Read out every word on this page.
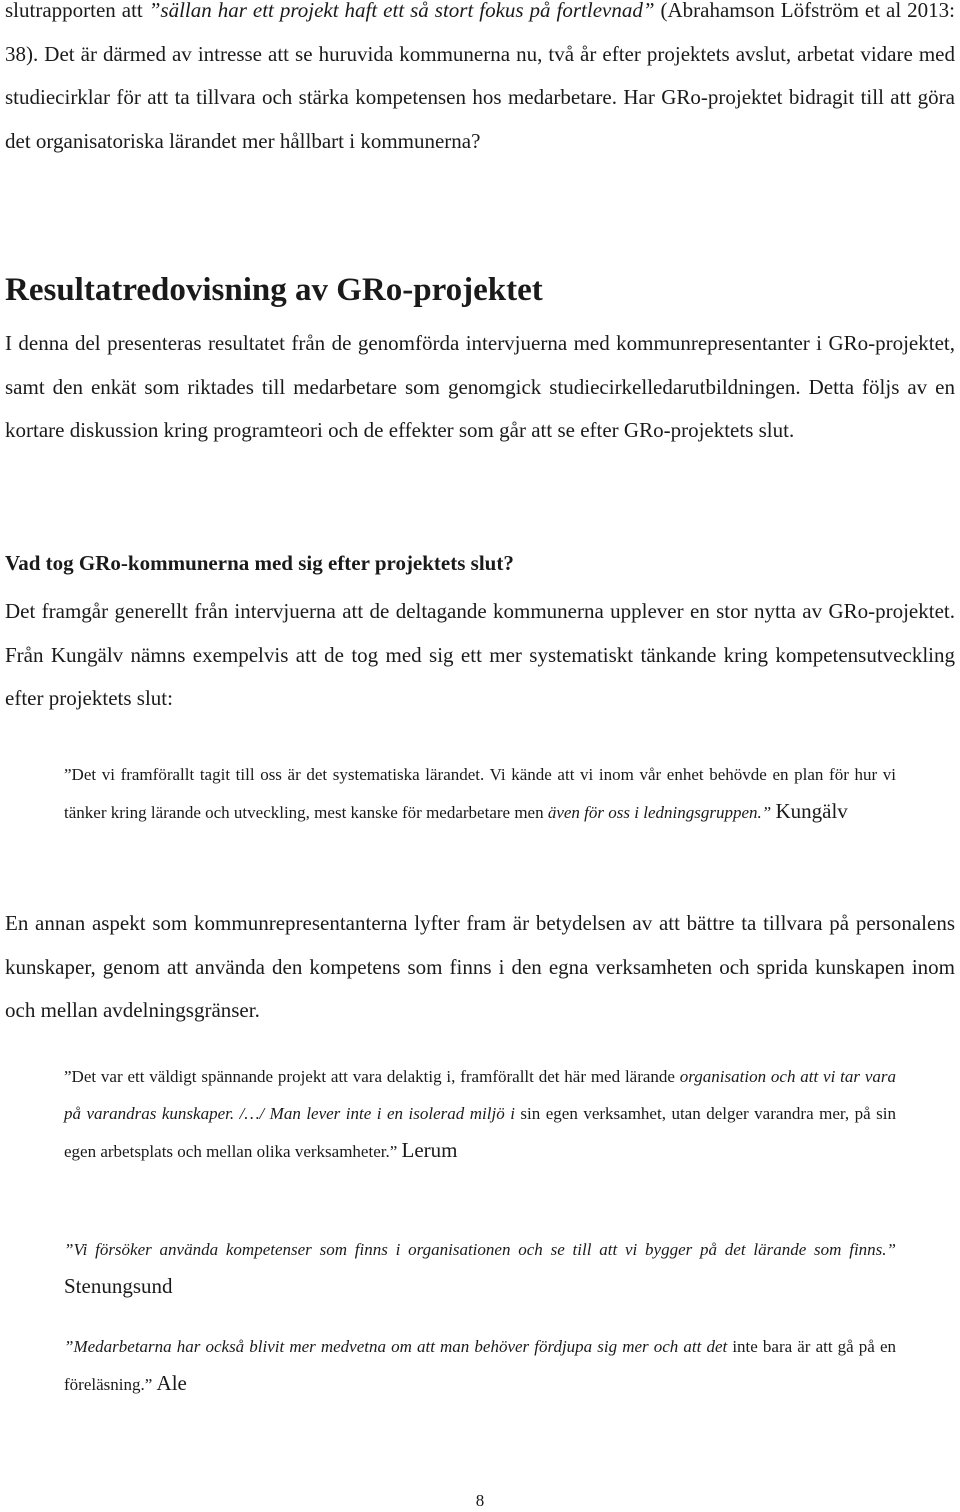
slutrapporten att ”sällan har ett projekt haft ett så stort fokus på fortlevnad” (Abrahamson Löfström et al 2013: 38). Det är därmed av intresse att se huruvida kommunerna nu, två år efter projektets avslut, arbetat vidare med studiecirklar för att ta tillvara och stärka kompetensen hos medarbetare. Har GRo-projektet bidragit till att göra det organisatoriska lärandet mer hållbart i kommunerna?

Resultatredovisning av GRo-projektet

I denna del presenteras resultatet från de genomförda intervjuerna med kommunrepresentanter i GRo-projektet, samt den enkät som riktades till medarbetare som genomgick studiecirkelledarutbildningen. Detta följs av en kortare diskussion kring programteori och de effekter som går att se efter GRo-projektets slut.

Vad tog GRo-kommunerna med sig efter projektets slut?

Det framgår generellt från intervjuerna att de deltagande kommunerna upplever en stor nytta av GRo-projektet. Från Kungälv nämns exempelvis att de tog med sig ett mer systematiskt tänkande kring kompetensutveckling efter projektets slut:

”Det vi framförallt tagit till oss är det systematiska lärandet. Vi kände att vi inom vår enhet behövde en plan för hur vi tänker kring lärande och utveckling, mest kanske för medarbetare men även för oss i ledningsgruppen.” Kungälv

En annan aspekt som kommunrepresentanterna lyfter fram är betydelsen av att bättre ta tillvara på personalens kunskaper, genom att använda den kompetens som finns i den egna verksamheten och sprida kunskapen inom och mellan avdelningsgränser.

”Det var ett väldigt spännande projekt att vara delaktig i, framförallt det här med lärande organisation och att vi tar vara på varandras kunskaper. /…/ Man lever inte i en isolerad miljö i sin egen verksamhet, utan delger varandra mer, på sin egen arbetsplats och mellan olika verksamheter.” Lerum

”Vi försöker använda kompetenser som finns i organisationen och se till att vi bygger på det lärande som finns.” Stenungsund

”Medarbetarna har också blivit mer medvetna om att man behöver fördjupa sig mer och att det inte bara är att gå på en föreläsning.” Ale

8
